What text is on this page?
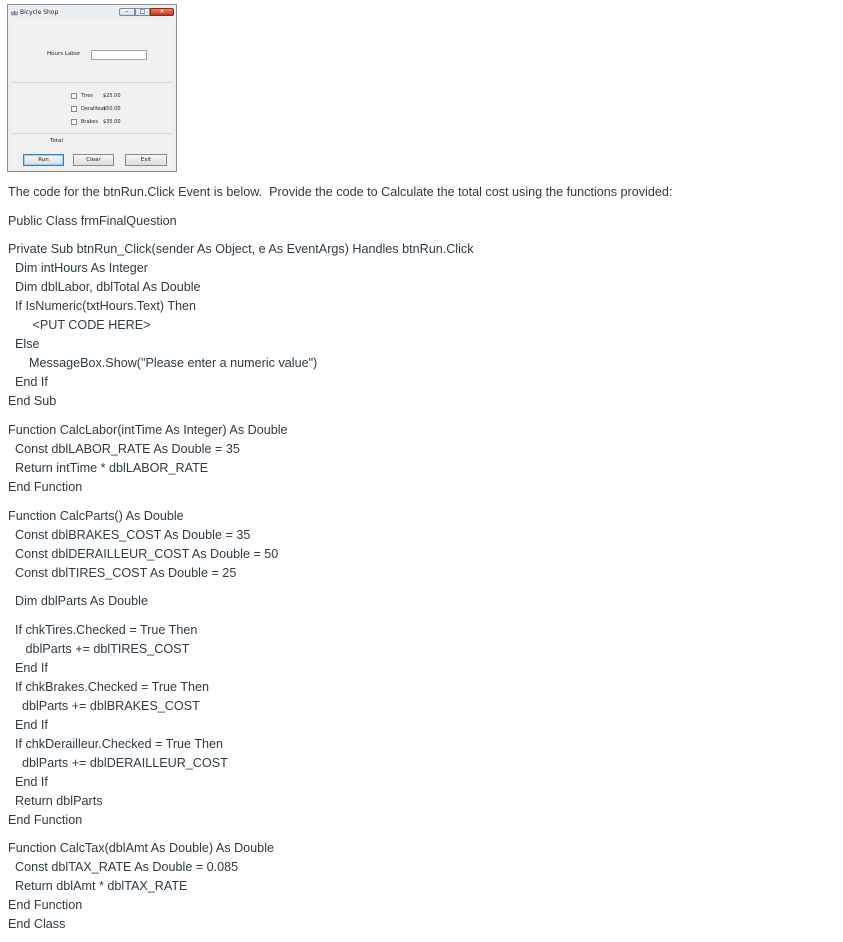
Bicycle Shop	–	□	✕
Hours Labor
Tires	$25.00
Derailleur
$50.00
Brakes	$35.00
Total
Run	Clear	Exit
The code for the btnRun.Click Event is below.  Provide the code to Calculate the total cost using the functions provided:
Public Class frmFinalQuestion
Private Sub btnRun_Click(sender As Object, e As EventArgs) Handles btnRun.Click
Dim intHours As Integer
Dim dblLabor, dblTotal As Double
If IsNumeric(txtHours.Text) Then
<PUT CODE HERE>
Else
MessageBox.Show("Please enter a numeric value")
End If
End Sub
Function CalcLabor(intTime As Integer) As Double
Const dblLABOR_RATE As Double = 35
Return intTime * dblLABOR_RATE
End Function
Function CalcParts() As Double
Const dblBRAKES_COST As Double = 35
Const dblDERAILLEUR_COST As Double = 50
Const dblTIRES_COST As Double = 25
Dim dblParts As Double
If chkTires.Checked = True Then
dblParts += dblTIRES_COST
End If
If chkBrakes.Checked = True Then
dblParts += dblBRAKES_COST
End If
If chkDerailleur.Checked = True Then
dblParts += dblDERAILLEUR_COST
End If
Return dblParts
End Function
Function CalcTax(dblAmt As Double) As Double
Const dblTAX_RATE As Double = 0.085
Return dblAmt * dblTAX_RATE
End Function
End Class
